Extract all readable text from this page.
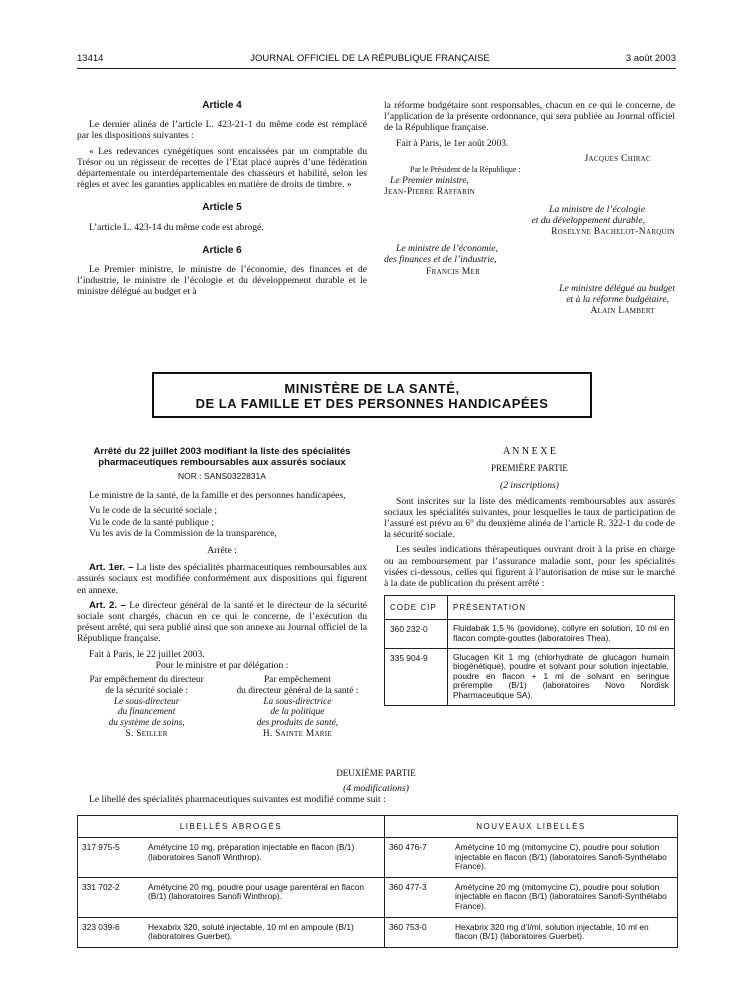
13414	JOURNAL OFFICIEL DE LA RÉPUBLIQUE FRANÇAISE	3 août 2003
Article 4

Le dernier alinéa de l’article L. 423-21-1 du même code est remplacé par les dispositions suivantes :

« Les redevances cynégétiques sont encaissées par un comptable du Trésor ou un régisseur de recettes de l’Etat placé auprès d’une fédération départementale ou interdépartementale des chasseurs et habilité, selon les règles et avec les garanties applicables en matière de droits de timbre. »

Article 5

L’article L. 423-14 du même code est abrogé.

Article 6

Le Premier ministre, le ministre de l’économie, des finances et de l’industrie, le ministre de l’écologie et du développement durable et le ministre délégué au budget et à

la réforme budgétaire sont responsables, chacun en ce qui le concerne, de l’application de la présente ordonnance, qui sera publiée au Journal officiel de la République française.

Fait à Paris, le 1er août 2003.

Jacques Chirac
Par le Président de la République :
Le Premier ministre,
Jean-Pierre Raffarin
La ministre de l’écologie
et du développement durable,
Roselyne Bachelot-Narquin
Le ministre de l’économie,
des finances et de l’industrie,
Francis Mer
Le ministre délégué au budget
et à la réforme budgétaire,
Alain Lambert
MINISTÈRE DE LA SANTÉ,
DE LA FAMILLE ET DES PERSONNES HANDICAPÉES
Arrêté du 22 juillet 2003 modifiant la liste des spécialités pharmaceutiques remboursables aux assurés sociaux
NOR : SANS0322831A

Le ministre de la santé, de la famille et des personnes handicapées,

Vu le code de la sécurité sociale ;

Vu le code de la santé publique ;

Vu les avis de la Commission de la transparence,

Arrête :

Art. 1er. – La liste des spécialités pharmaceutiques remboursables aux assurés sociaux est modifiée conformément aux dispositions qui figurent en annexe.

Art. 2. – Le directeur général de la santé et le directeur de la sécurité sociale sont chargés, chacun en ce qui le concerne, de l’exécution du présent arrêté, qui sera publié ainsi que son annexe au Journal officiel de la République française.

Fait à Paris, le 22 juillet 2003.

Pour le ministre et par délégation :

Par empêchement du directeur
de la sécurité sociale :
Le sous-directeur
du financement
du système de soins,
S. Seiller
Par empêchement
du directeur général de la santé :
La sous-directrice
de la politique
des produits de santé,
H. Sainte Marie

A N N E X E

PREMIÈRE PARTIE

(2 inscriptions)

Sont inscrites sur la liste des médicaments remboursables aux assurés sociaux les spécialités suivantes, pour lesquelles le taux de participation de l’assuré est prévu au 6° du deuxième alinéa de l’article R. 322-1 du code de la sécurité sociale.

Les seules indications thérapeutiques ouvrant droit à la prise en charge ou au remboursement par l’assurance maladie sont, pour les spécialités visées ci-dessous, celles qui figurent à l’autorisation de mise sur le marché à la date de publication du présent arrêté :

CODE CIP	PRÉSENTATION
360 232-0	Fluidabak 1,5 % (povidone), collyre en solution, 10 ml en flacon compte-gouttes (laboratoires Thea).
335 904-9	Glucagen Kit 1 mg (chlorhydrate de glucagon humain biogénétique), poudre et solvant pour solution injectable, poudre en flacon + 1 ml de solvant en seringue préremplie (B/1) (laboratoires Novo Nordisk Pharmaceutique SA).
DEUXIÈME PARTIE
(4 modifications)
Le libellé des spécialités pharmaceutiques suivantes est modifié comme suit :
LIBELLÉS ABROGÉS		NOUVEAUX LIBELLÉS	
317 975-5	Amétycine 10 mg, préparation injectable en flacon (B/1) (laboratoires Sanofi Winthrop).	360 476-7	Amétycine 10 mg (mitomycine C), poudre pour solution injectable en flacon (B/1) (laboratoires Sanofi-Synthélabo France).
331 702-2	Amétycine 20 mg, poudre pour usage parentéral en flacon (B/1) (laboratoires Sanofi Winthrop).	360 477-3	Amétycine 20 mg (mitomycine C), poudre pour solution injectable en flacon (B/1) (laboratoires Sanofi-Synthélabo France).
323 039-6	Hexabrix 320, soluté injectable, 10 ml en ampoule (B/1) (laboratoires Guerbet).	360 753-0	Hexabrix 320 mg d’I/ml, solution injectable, 10 ml en flacon (B/1) (laboratoires Guerbet).
